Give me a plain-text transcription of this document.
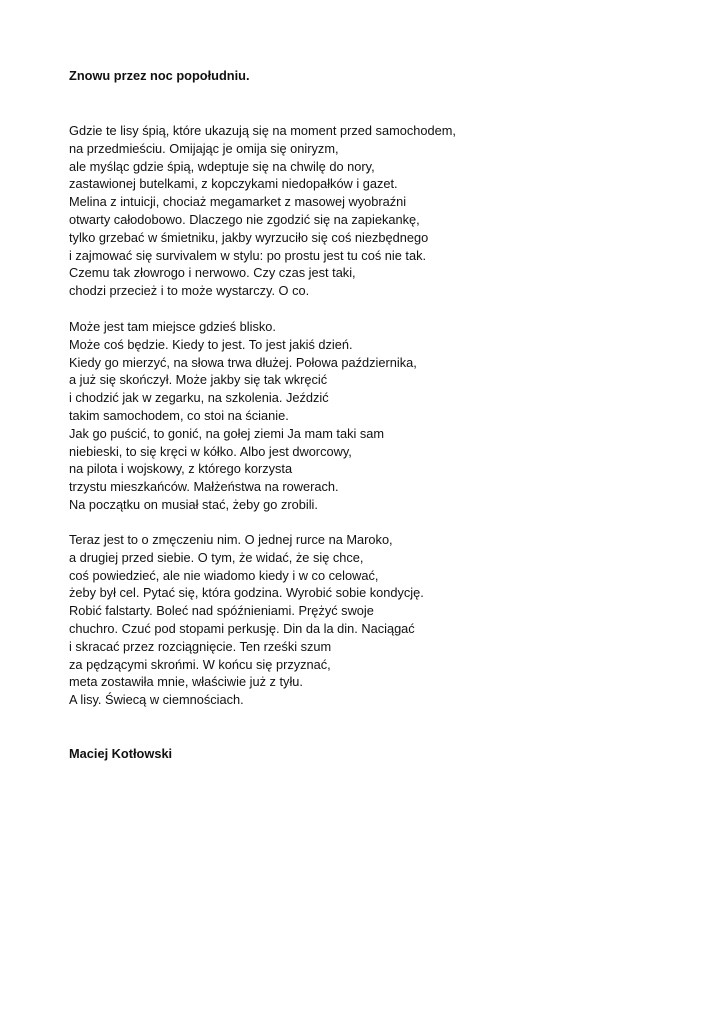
Znowu przez noc popołudniu.
Gdzie te lisy śpią, które ukazują się na moment przed samochodem,
na przedmieściu. Omijając je omija się oniryzm,
ale myśląc gdzie śpią, wdeptuje się na chwilę do nory,
zastawionej butelkami, z kopczykami niedopałków i gazet.
Melina z intuicji, chociaż megamarket z masowej wyobraźni
otwarty całodobowo. Dlaczego nie zgodzić się na zapiekankę,
tylko grzebać w śmietniku, jakby wyrzuciło się coś niezbędnego
i zajmować się survivalem w stylu: po prostu jest tu coś nie tak.
Czemu tak złowrogo i nerwowo. Czy czas jest taki,
chodzi przecież i to może wystarczy. O co.
Może jest tam miejsce gdzieś blisko.
Może coś będzie. Kiedy to jest. To jest jakiś dzień.
Kiedy go mierzyć, na słowa trwa dłużej. Połowa października,
a już się skończył. Może jakby się tak wkręcić
i chodzić jak w zegarku, na szkolenia. Jeździć
takim samochodem, co stoi na ścianie.
Jak go puścić, to gonić, na gołej ziemi Ja mam taki sam
niebieski, to się kręci w kółko. Albo jest dworcowy,
na pilota i wojskowy, z którego korzysta
trzystu mieszkańców. Małżeństwa na rowerach.
Na początku on musiał stać, żeby go zrobili.
Teraz jest to o zmęczeniu nim. O jednej rurce na Maroko,
a drugiej przed siebie. O tym, że widać, że się chce,
coś powiedzieć, ale nie wiadomo kiedy i w co celować,
żeby był cel. Pytać się, która godzina. Wyrobić sobie kondycję.
Robić falstarty. Boleć nad spóźnieniami. Prężyć swoje
chuchro. Czuć pod stopami perkusję. Din da la din. Naciągać
i skracać przez rozciągnięcie. Ten rześki szum
za pędzącymi skrońmi. W końcu się przyznać,
meta zostawiła mnie, właściwie już z tyłu.
A lisy. Świecą w ciemnościach.
Maciej Kotłowski
